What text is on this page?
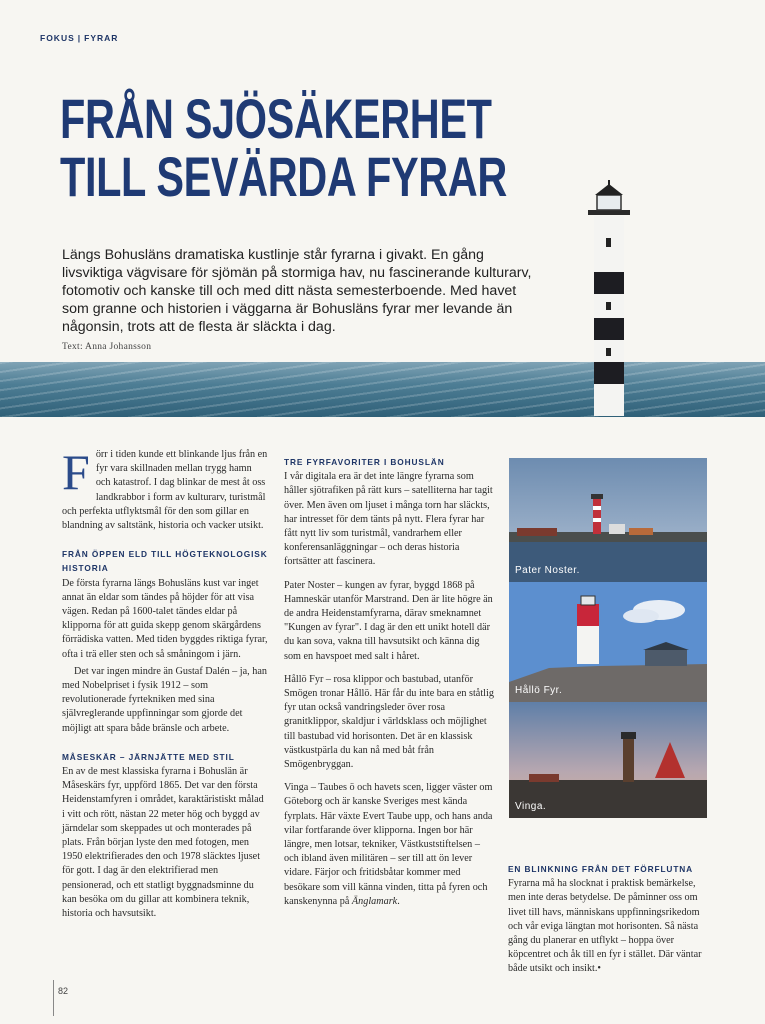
FOKUS | FYRAR
FRÅN SJÖSÄKERHET
TILL SEVÄRDA FYRAR

Längs Bohusläns dramatiska kustlinje står fyrarna i givakt. En gång livsviktiga vägvisare för sjömän på stormiga hav, nu fascinerande kulturarv, fotomotiv och kanske till och med ditt nästa semesterboende. Med havet som granne och historien i väggarna är Bohusläns fyrar mer levande än någonsin, trots att de flesta är släckta i dag.

Text: Anna Johansson

Förr i tiden kunde ett blinkande ljus från en fyr vara skillnaden mellan trygg hamn och katastrof. I dag blinkar de mest åt oss landkrabbor i form av kulturarv, turistmål och perfekta utflyktsmål för den som gillar en blandning av saltstänk, historia och vacker utsikt.

FRÅN ÖPPEN ELD TILL HÖGTEKNOLOGISK HISTORIA

De första fyrarna längs Bohusläns kust var inget annat än eldar som tändes på höjder för att visa vägen. Redan på 1600-talet tändes eldar på klipporna för att guida skepp genom skärgårdens förrädiska vatten. Med tiden byggdes riktiga fyrar, ofta i trä eller sten och så småningom i järn.

Det var ingen mindre än Gustaf Dalén – ja, han med Nobelpriset i fysik 1912 – som revolutionerade fyrtekniken med sina självreglerande uppfinningar som gjorde det möjligt att spara både bränsle och arbete.

MÅSESKÄR – JÄRNJÄTTE MED STIL

En av de mest klassiska fyrarna i Bohuslän är Måseskärs fyr, uppförd 1865. Det var den första Heidenstamfyren i området, karaktäristiskt målad i vitt och rött, nästan 22 meter hög och byggd av järndelar som skeppades ut och monterades på plats. Från början lyste den med fotogen, men 1950 elektrifierades den och 1978 släcktes ljuset för gott. I dag är den elektrifierad men pensionerad, och ett statligt byggnadsminne du kan besöka om du gillar att kombinera teknik, historia och havsutsikt.

TRE FYRFAVORITER I BOHUSLÄN

I vår digitala era är det inte längre fyrarna som håller sjötrafiken på rätt kurs – satelliterna har tagit över. Men även om ljuset i många torn har släckts, har intresset för dem tänts på nytt. Flera fyrar har fått nytt liv som turistmål, vandrarhem eller konferensanläggningar – och deras historia fortsätter att fascinera.

Pater Noster – kungen av fyrar, byggd 1868 på Hamneskär utanför Marstrand. Den är lite högre än de andra Heidenstamfyrarna, därav smeknamnet "Kungen av fyrar". I dag är den ett unikt hotell där du kan sova, vakna till havsutsikt och känna dig som en havspoet med salt i håret.

Hållö Fyr – rosa klippor och bastubad, utanför Smögen tronar Hållö. Här får du inte bara en ståtlig fyr utan också vandringsleder över rosa granitklippor, skaldjur i världsklass och möjlighet till bastubad vid horisonten. Det är en klassisk västkustpärla du kan nå med båt från Smögenbryggan.

Vinga – Taubes ö och havets scen, ligger väster om Göteborg och är kanske Sveriges mest kända fyrplats. Här växte Evert Taube upp, och hans anda vilar fortfarande över klipporna. Ingen bor här längre, men lotsar, tekniker, Västkuststiftelsen – och ibland även militären – ser till att ön lever vidare. Färjor och fritidsbåtar kommer med besökare som vill känna vinden, titta på fyren och kanskenynna på Änglamark.

Pater Noster.
Hållö Fyr.
Vinga.
EN BLINKNING FRÅN DET FÖRFLUTNA

Fyrarna må ha slocknat i praktisk bemärkelse, men inte deras betydelse. De påminner oss om livet till havs, människans uppfinningsrikedom och vår eviga längtan mot horisonten. Så nästa gång du planerar en utflykt – hoppa över köpcentret och åk till en fyr i stället. Där väntar både utsikt och insikt.•

82
